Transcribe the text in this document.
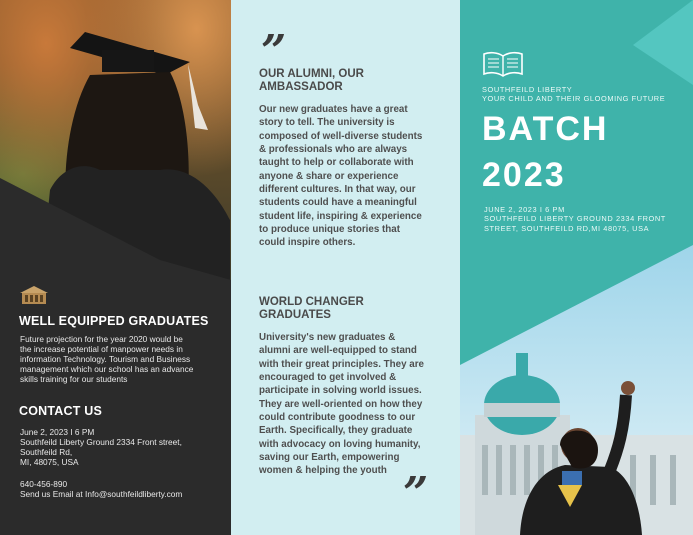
WELL EQUIPPED GRADUATES
Future projection for the year 2020 would be
the increase potential of manpower needs in
information Technology. Tourism and Business
management which our school has an advance
skills training for our students
CONTACT US
June 2, 2023 I 6 PM
Southfeild Liberty Ground 2334 Front street,
Southfeild Rd,
MI, 48075, USA
640-456-890
Send us Email at Info@southfeildliberty.com
”
OUR ALUMNI, OUR
AMBASSADOR
Our new graduates have a great
story to tell. The university is
composed of well-diverse students
& professionals who are always
taught to help or collaborate with
anyone & share or experience
different cultures. In that way, our
students could have a meaningful
student life, inspiring & experience
to produce unique stories that
could inspire others.
WORLD CHANGER
GRADUATES
University's new graduates &
alumni are well-equipped to stand
with their great principles. They are
encouraged to get involved &
participate in solving world issues.
They are well-oriented on how they
could contribute goodness to our
Earth. Specifically, they graduate
with advocacy on loving humanity,
saving our Earth, empowering
women & helping the youth ”
SOUTHFEILD LIBERTY
YOUR CHILD AND THEIR GLOOMING FUTURE
BATCH
2023
JUNE 2, 2023 I 6 PM
SOUTHFEILD LIBERTY GROUND 2334 FRONT
STREET, SOUTHFEILD RD,MI 48075, USA
